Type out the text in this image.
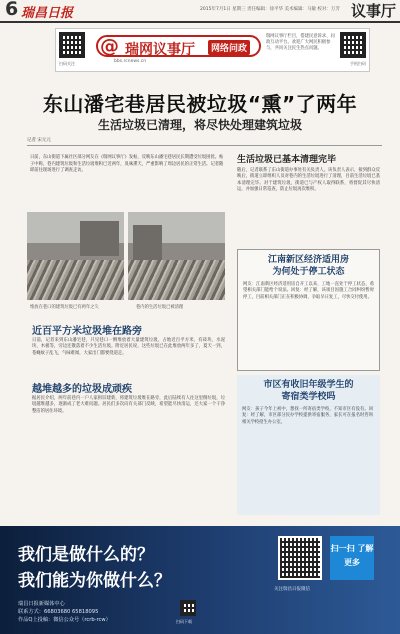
6 瑞昌日报	2015年7月1日 星期三 责任编辑：徐平华 美术编辑：马敏 校对：万芳 议事厅
扫码关注
@ 瑞网议事厅	网络问政
bbs.rcnews.cn
瑞网议事厅栏目，搭建民意诉求、问政互动平台。欢迎广大网民积极参与，共同关注民生热点问题。
手机扫码
东山潘宅巷居民被垃圾“熏”了两年
生活垃圾已清理，将尽快处理建筑垃圾
记者 宋元元
日前，东山街道下属社区部分网友在《瑞网议事厅》发帖，反映东山潘宅巷居民长期遭受垃圾困扰。帖子中称，巷内建筑垃圾和生活垃圾堆积已近两年，臭味熏天，严重影响了周边居民的正常生活。记者随即前往现场进行了调查走访。
堆放在巷口的建筑垃圾已有两年之久	巷内的生活垃圾已被清理
近百平方米垃圾堆在路旁
日前，记者来到东山潘宅巷，只见巷口一侧堆放着大量建筑垃圾，占地近百平方米，有砖块、水泥块、木板等，旁边还散落着不少生活垃圾。附近居民说，这些垃圾已在此堆放两年多了，夏天一到，苍蝇蚊子乱飞，气味难闻，大家出门都要绕道走。
越堆越多的垃圾成顽疾
据居民介绍，两年前巷内一户人家拆旧建新，将建筑垃圾堆在路旁，此后陆续有人往这里倒垃圾，垃圾越堆越多，逐渐成了老大难问题。居民们多次向有关部门反映，希望能尽快清运，还大家一个干净整洁的居住环境。
生活垃圾已基本清理完毕
随后，记者联系了东山街道办事处有关负责人。该负责人表示，接到群众反映后，街道立即组织人员对巷内的生活垃圾进行了清理，目前生活垃圾已基本清理完毕。对于建筑垃圾，街道已与产权人取得联系，将督促其尽快清运，并加强日常巡查，防止垃圾再次堆积。
江南新区经济适用房
为何处于停工状态
网友：江南新区经济适用房自开工以来，工地一直处于停工状态，希望相关部门能给个说法。回复：经了解，该项目因施工合同纠纷暂时停工，目前相关部门正在积极协调，争取早日复工，尽快交付使用。
市区有收旧年级学生的
寄宿类学校吗
网友：孩子今年上初中，想找一所寄宿类学校，不知市区有没有。回复：经了解，市区部分民办学校提供寄宿服务，家长可在报名时咨询相关学校招生办公室。
我们是做什么的？
我们能为你做什么？
瑞昌日报新媒体中心
联系方式：66803680 65818095
作品Q上投稿：微信公众号（rcrb-rcw）	扫码下载
关注瑞昌日报微信
扫一扫 了解更多
